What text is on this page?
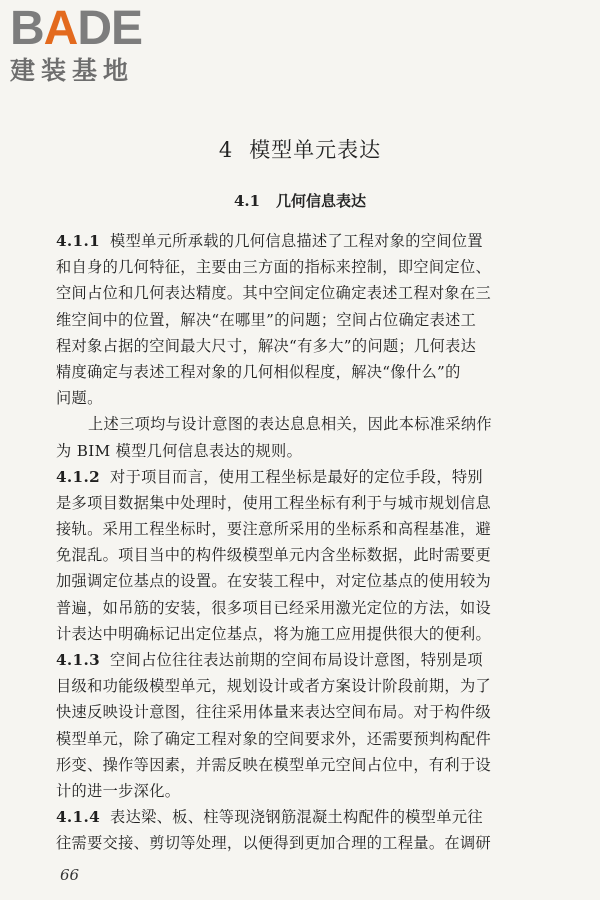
B A D E
建装基地
4 模型单元表达
4.1 几何信息表达
4.1.1 模型单元所承载的几何信息描述了工程对象的空间位置
和自身的几何特征，主要由三方面的指标来控制，即空间定位、
空间占位和几何表达精度。其中空间定位确定表述工程对象在三
维空间中的位置，解决“在哪里”的问题；空间占位确定表述工
程对象占据的空间最大尺寸，解决“有多大”的问题；几何表达
精度确定与表述工程对象的几何相似程度，解决“像什么”的
问题。
上述三项均与设计意图的表达息息相关，因此本标准采纳作
为 BIM 模型几何信息表达的规则。
4.1.2 对于项目而言，使用工程坐标是最好的定位手段，特别
是多项目数据集中处理时，使用工程坐标有利于与城市规划信息
接轨。采用工程坐标时，要注意所采用的坐标系和高程基准，避
免混乱。项目当中的构件级模型单元内含坐标数据，此时需要更
加强调定位基点的设置。在安装工程中，对定位基点的使用较为
普遍，如吊筋的安装，很多项目已经采用激光定位的方法，如设
计表达中明确标记出定位基点，将为施工应用提供很大的便利。
4.1.3 空间占位往往表达前期的空间布局设计意图，特别是项
目级和功能级模型单元，规划设计或者方案设计阶段前期，为了
快速反映设计意图，往往采用体量来表达空间布局。对于构件级
模型单元，除了确定工程对象的空间要求外，还需要预判构配件
形变、操作等因素，并需反映在模型单元空间占位中，有利于设
计的进一步深化。
4.1.4 表达梁、板、柱等现浇钢筋混凝土构配件的模型单元往
往需要交接、剪切等处理，以便得到更加合理的工程量。在调研
66
